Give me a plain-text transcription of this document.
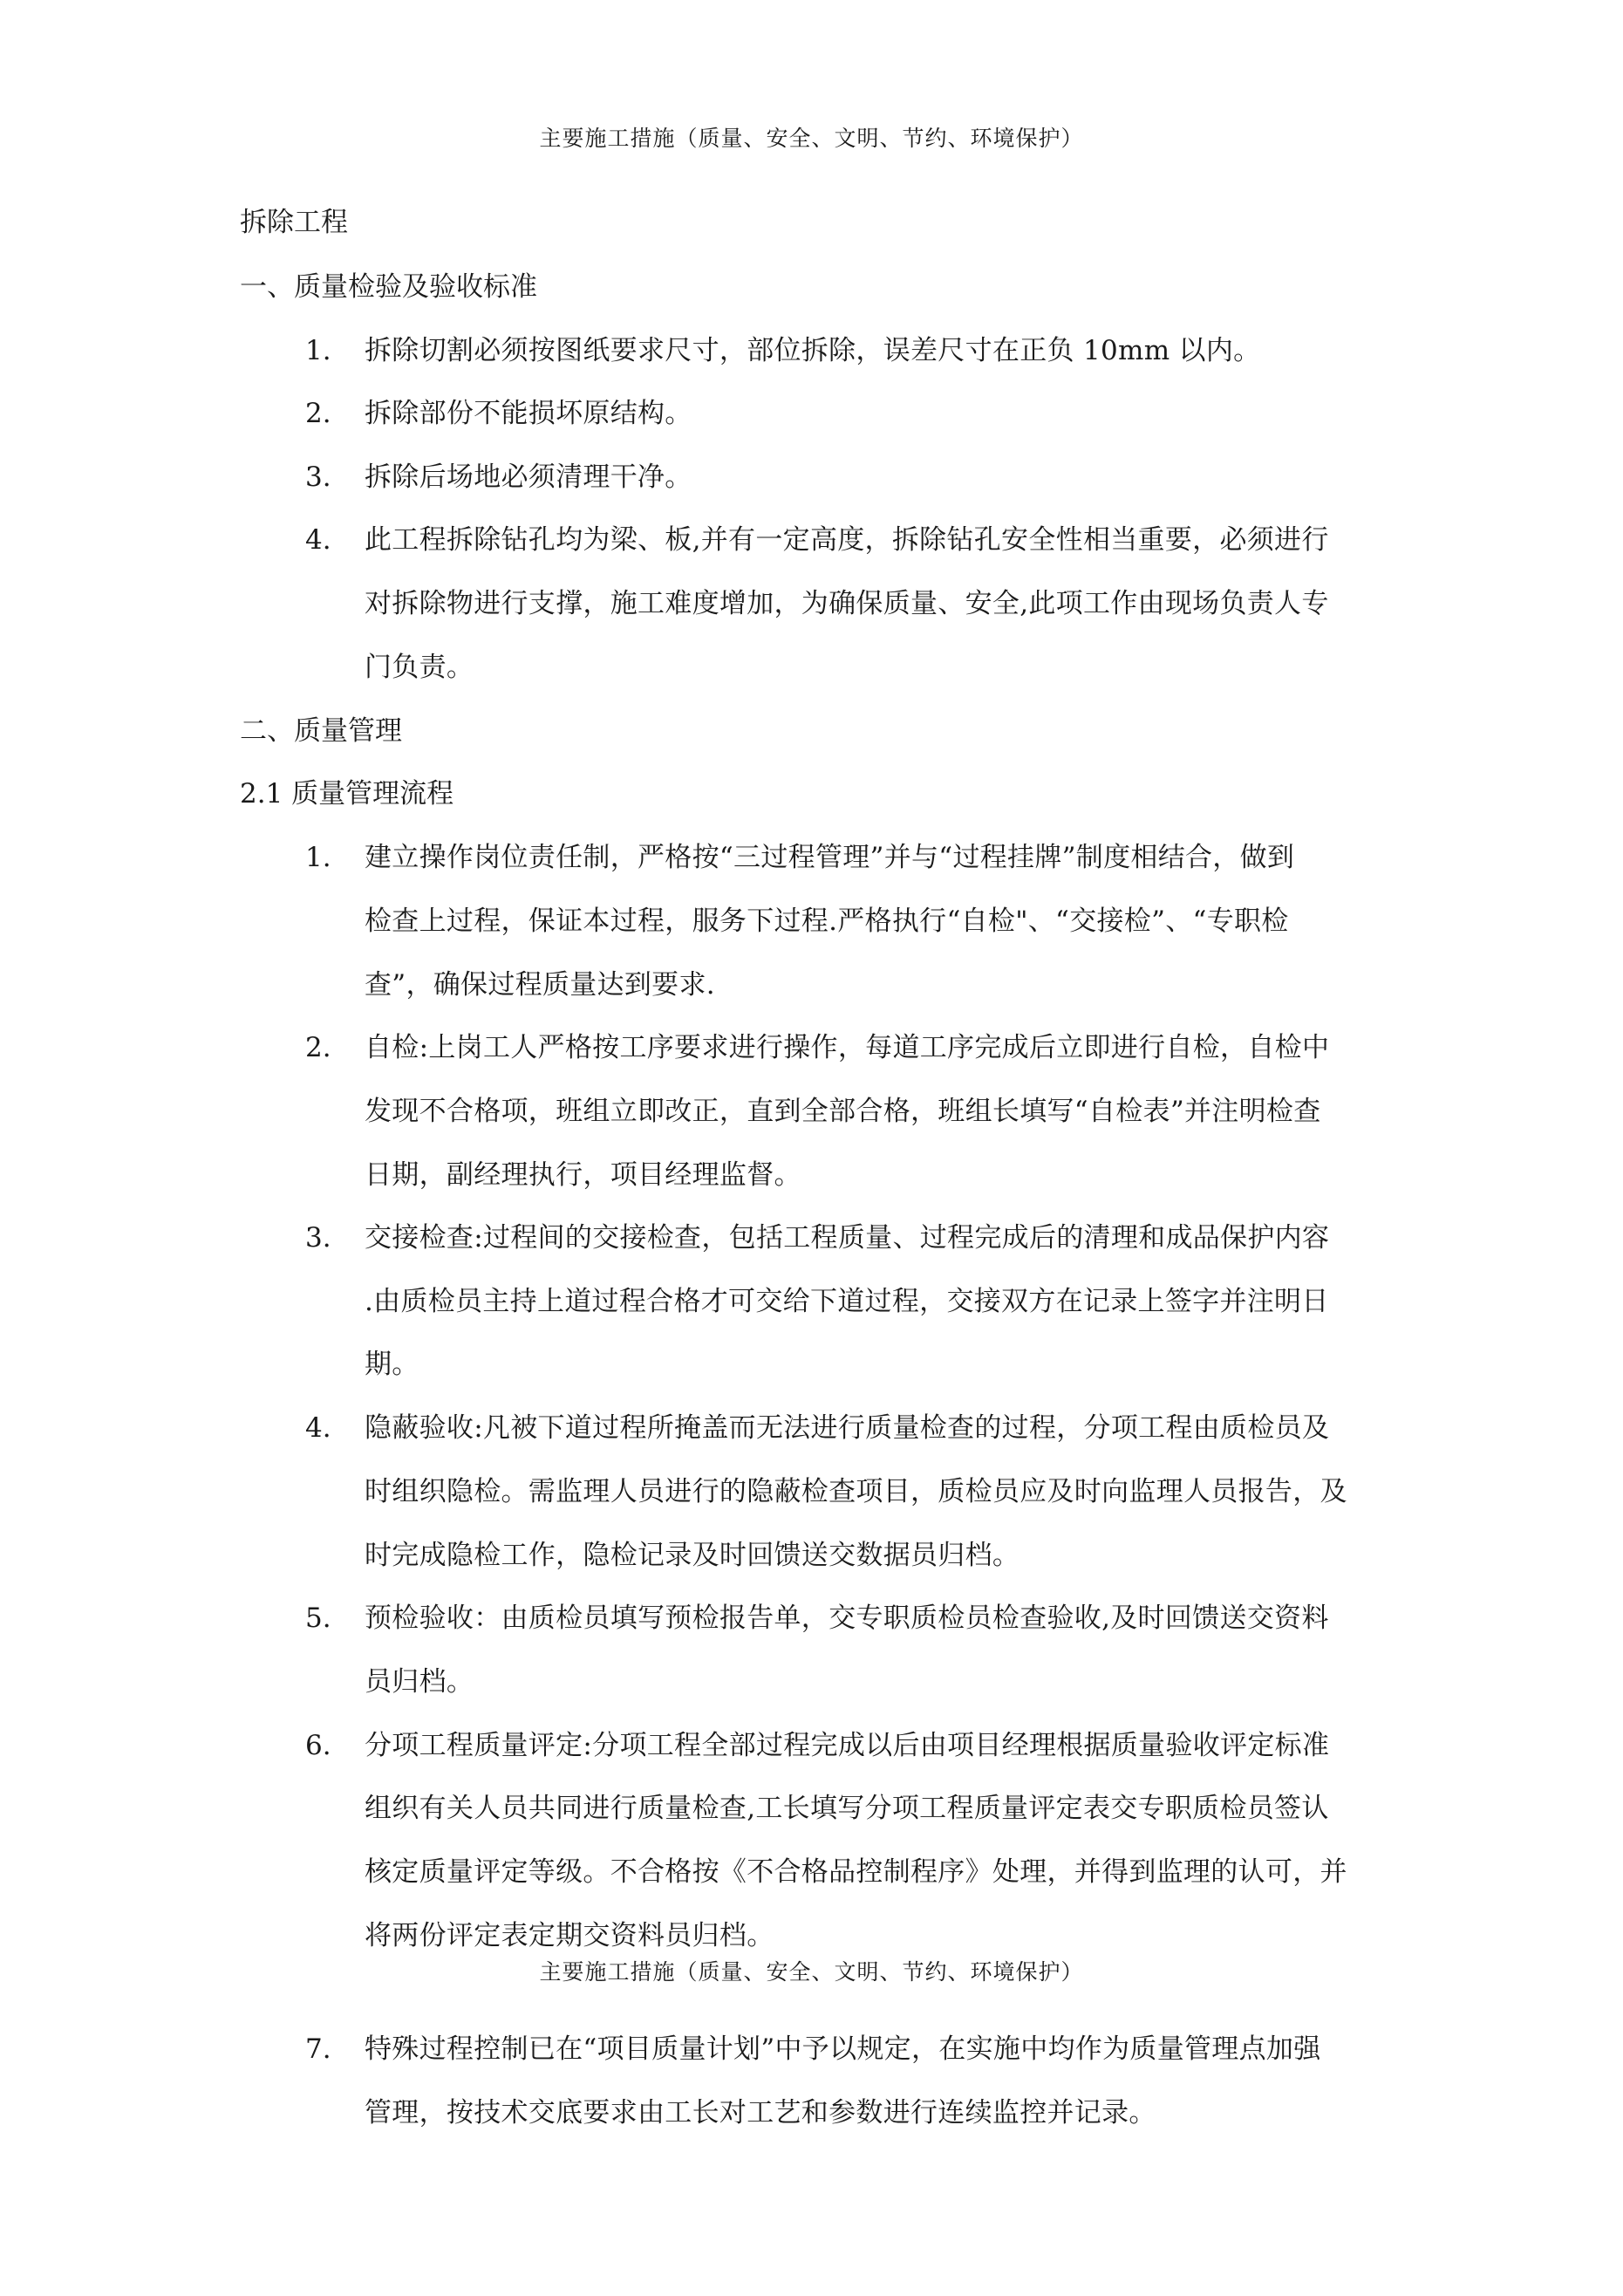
主要施工措施（质量、安全、文明、节约、环境保护）
拆除工程
一、质量检验及验收标准
1. 拆除切割必须按图纸要求尺寸，部位拆除，误差尺寸在正负 10mm 以内。
2. 拆除部份不能损坏原结构。
3. 拆除后场地必须清理干净。
4. 此工程拆除钻孔均为梁、板,并有一定高度，拆除钻孔安全性相当重要，必须进行
对拆除物进行支撑，施工难度增加，为确保质量、安全,此项工作由现场负责人专
门负责。
二、质量管理
2.1 质量管理流程
1. 建立操作岗位责任制，严格按“三过程管理”并与“过程挂牌”制度相结合，做到
检查上过程，保证本过程，服务下过程.严格执行“自检"、“交接检”、“专职检
查”，确保过程质量达到要求.
2. 自检:上岗工人严格按工序要求进行操作，每道工序完成后立即进行自检，自检中
发现不合格项，班组立即改正，直到全部合格，班组长填写“自检表”并注明检查
日期，副经理执行，项目经理监督。
3. 交接检查:过程间的交接检查，包括工程质量、过程完成后的清理和成品保护内容
.由质检员主持上道过程合格才可交给下道过程，交接双方在记录上签字并注明日
期。
4. 隐蔽验收:凡被下道过程所掩盖而无法进行质量检查的过程，分项工程由质检员及
时组织隐检。需监理人员进行的隐蔽检查项目，质检员应及时向监理人员报告，及
时完成隐检工作，隐检记录及时回馈送交数据员归档。
5. 预检验收：由质检员填写预检报告单，交专职质检员检查验收,及时回馈送交资料
员归档。
6. 分项工程质量评定:分项工程全部过程完成以后由项目经理根据质量验收评定标准
组织有关人员共同进行质量检查,工长填写分项工程质量评定表交专职质检员签认
核定质量评定等级。不合格按《不合格品控制程序》处理，并得到监理的认可，并
将两份评定表定期交资料员归档。
主要施工措施（质量、安全、文明、节约、环境保护）
7. 特殊过程控制已在“项目质量计划”中予以规定，在实施中均作为质量管理点加强
管理，按技术交底要求由工长对工艺和参数进行连续监控并记录。
